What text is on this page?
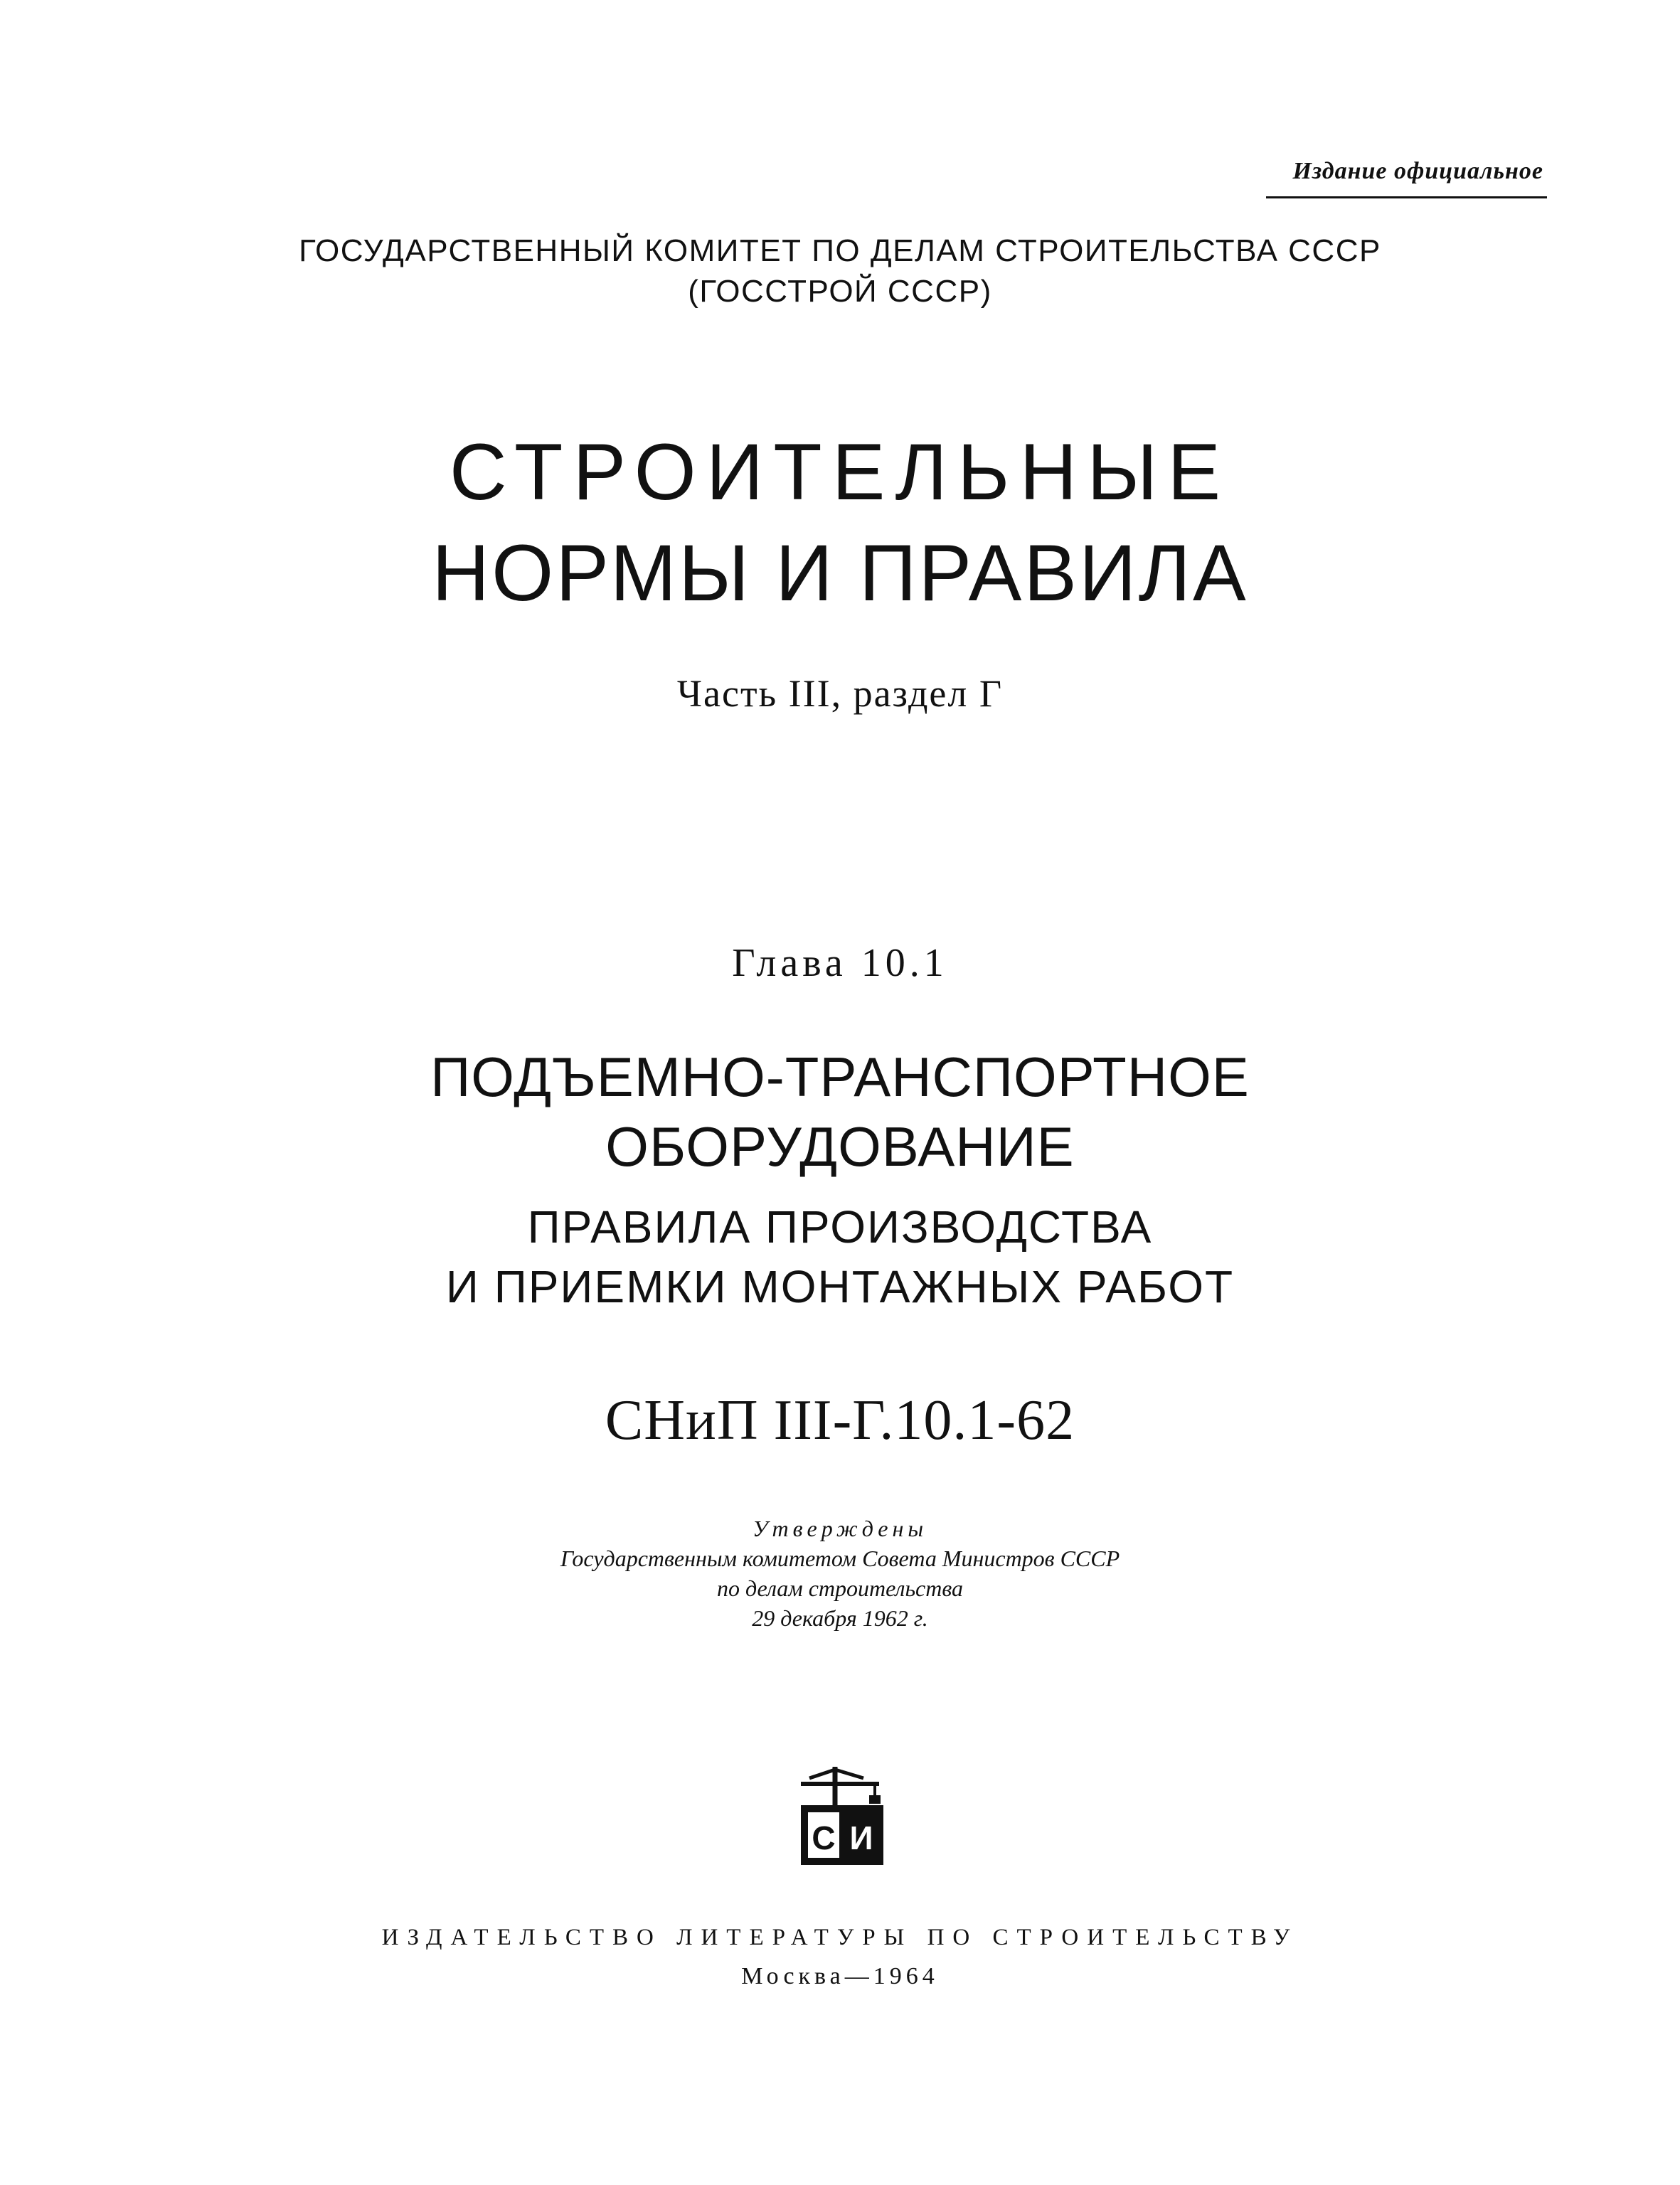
Издание официальное
ГОСУДАРСТВЕННЫЙ КОМИТЕТ ПО ДЕЛАМ СТРОИТЕЛЬСТВА СССР
(ГОССТРОЙ СССР)
СТРОИТЕЛЬНЫЕ
НОРМЫ И ПРАВИЛА
Часть III, раздел Г
Глава 10.1
ПОДЪЕМНО-ТРАНСПОРТНОЕ
ОБОРУДОВАНИЕ
ПРАВИЛА ПРОИЗВОДСТВА
И ПРИЕМКИ МОНТАЖНЫХ РАБОТ
СНиП III-Г.10.1-62
Утверждены
Государственным комитетом Совета Министров СССР
по делам строительства
29 декабря 1962 г.
С И
ИЗДАТЕЛЬСТВО ЛИТЕРАТУРЫ ПО СТРОИТЕЛЬСТВУ
Москва—1964
